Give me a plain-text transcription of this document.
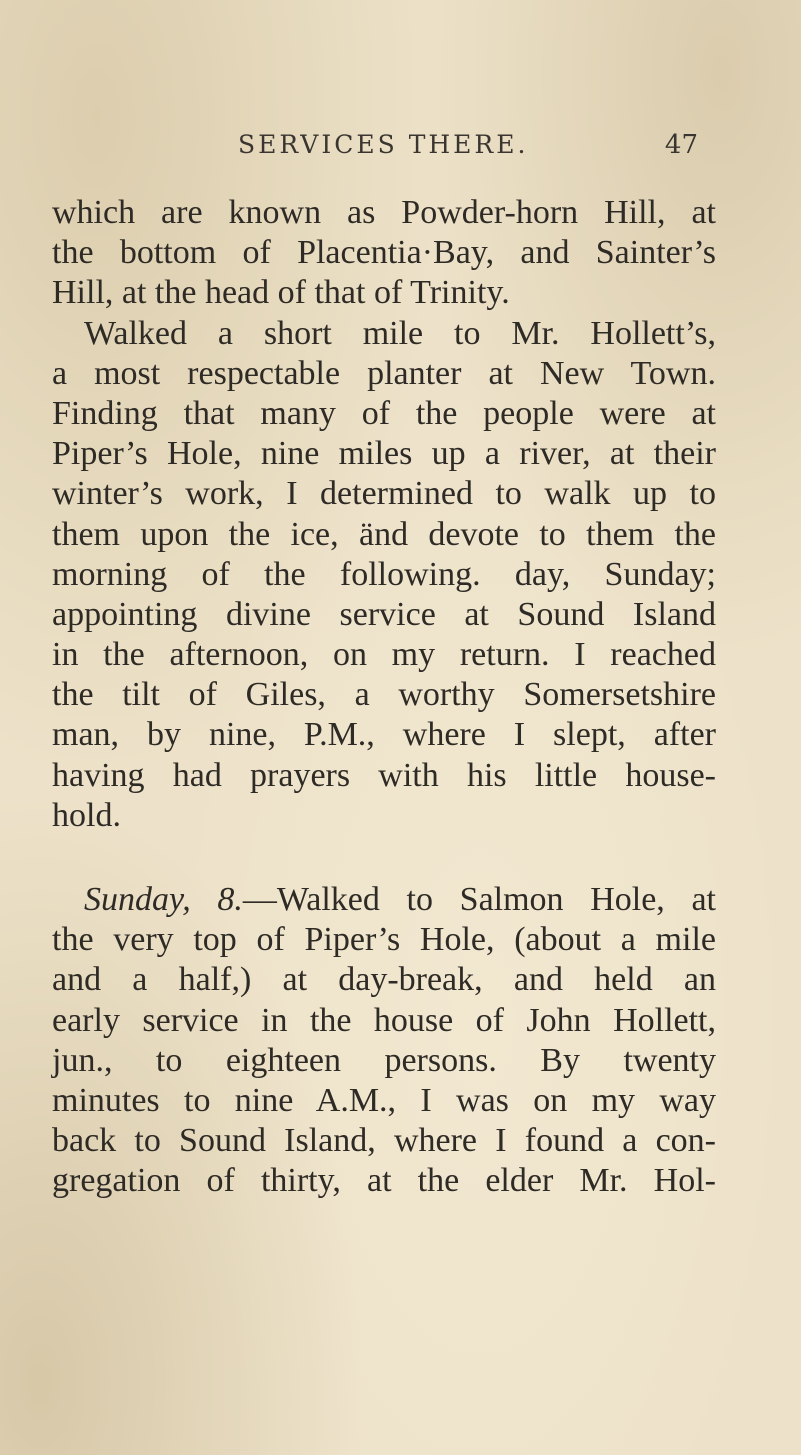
SERVICES THERE.	47
which are known as Powder-horn Hill, at
the bottom of Placentia·Bay, and Sainter’s
Hill, at the head of that of Trinity.
Walked a short mile to Mr. Hollett’s,
a most respectable planter at New Town.
Finding that many of the people were at
Piper’s Hole, nine miles up a river, at their
winter’s work, I determined to walk up to
them upon the ice, änd devote to them the
morning of the following. day, Sunday;
appointing divine service at Sound Island
in the afternoon, on my return. I reached
the tilt of Giles, a worthy Somersetshire
man, by nine, P.M., where I slept, after
having had prayers with his little house-
hold.
Sunday, 8.—Walked to Salmon Hole, at
the very top of Piper’s Hole, (about a mile
and a half,) at day-break, and held an
early service in the house of John Hollett,
jun., to eighteen persons. By twenty
minutes to nine A.M., I was on my way
back to Sound Island, where I found a con-
gregation of thirty, at the elder Mr. Hol-
